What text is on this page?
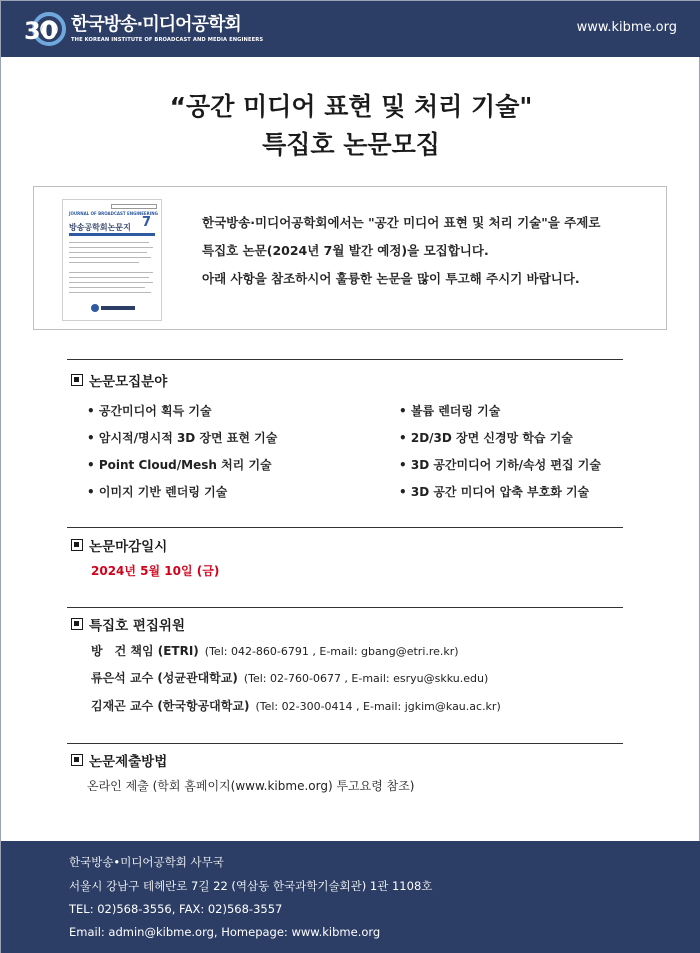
30 한국방송·미디어공학회
THE KOREAN INSTITUTE OF BROADCAST AND MEDIA ENGINEERS
www.kibme.org
“공간 미디어 표현 및 처리 기술"
특집호 논문모집
JOURNAL OF BROADCAST ENGINEERING
방송공학회논문지 7	한국방송·미디어공학회에서는 "공간 미디어 표현 및 처리 기술"을 주제로
특집호 논문(2024년 7월 발간 예정)을 모집합니다.
아래 사항을 참조하시어 훌륭한 논문을 많이 투고해 주시기 바랍니다.
논문모집분야
• 공간미디어 획득 기술
• 암시적/명시적 3D 장면 표현 기술
• Point Cloud/Mesh 처리 기술
• 이미지 기반 렌더링 기술
• 볼륨 렌더링 기술
• 2D/3D 장면 신경망 학습 기술
• 3D 공간미디어 기하/속성 편집 기술
• 3D 공간 미디어 압축 부호화 기술
논문마감일시
2024년 5월 10일 (금)
특집호 편집위원
방　건 책임 (ETRI) (Tel: 042-860-6791 , E-mail: gbang@etri.re.kr)
류은석 교수 (성균관대학교) (Tel: 02-760-0677 , E-mail: esryu@skku.edu)
김재곤 교수 (한국항공대학교) (Tel: 02-300-0414 , E-mail: jgkim@kau.ac.kr)
논문제출방법
온라인 제출 (학회 홈페이지(www.kibme.org) 투고요령 참조)
한국방송•미디어공학회 사무국
서울시 강남구 테헤란로 7길 22 (역삼동 한국과학기술회관) 1관 1108호
TEL: 02)568-3556, FAX: 02)568-3557
Email: admin@kibme.org, Homepage: www.kibme.org
